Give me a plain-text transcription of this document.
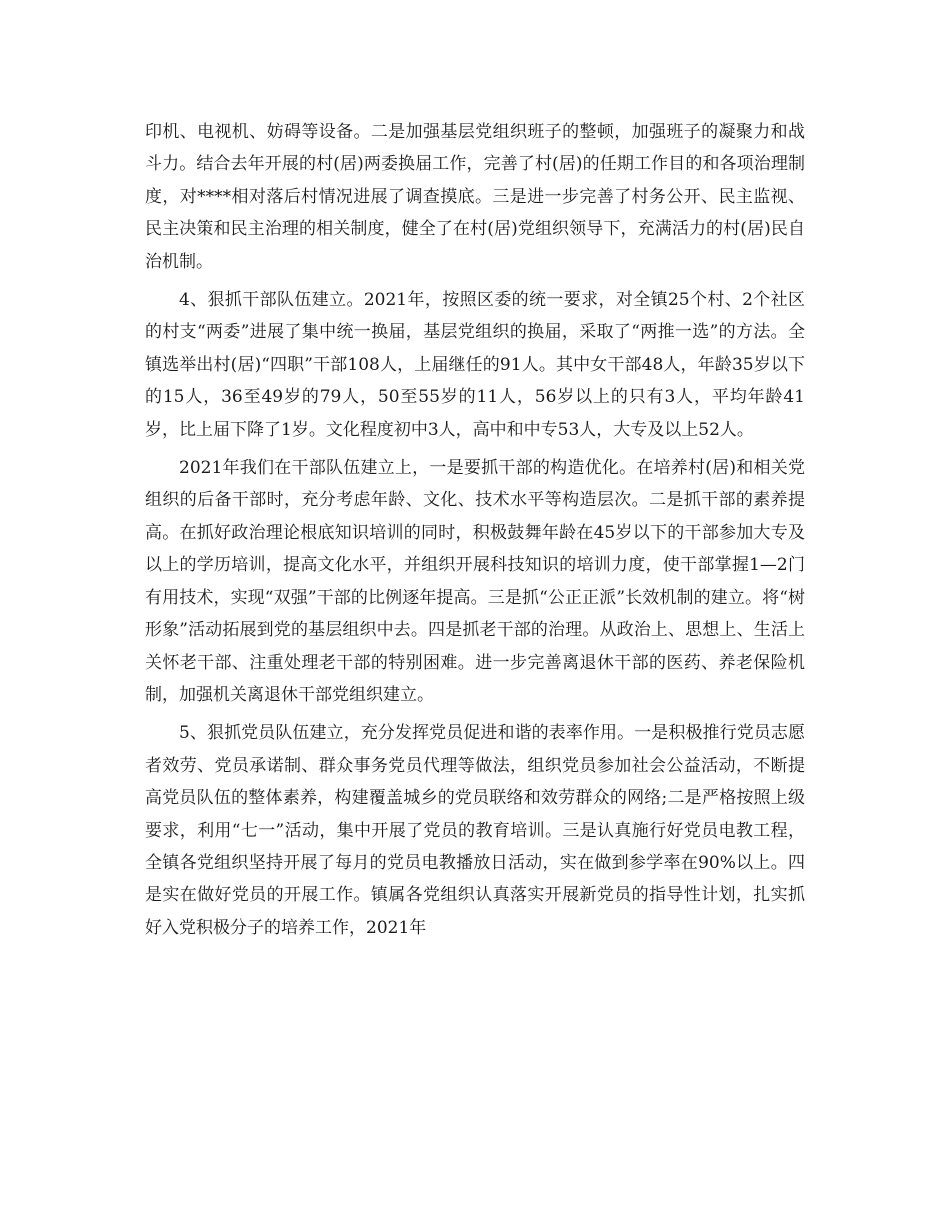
印机、电视机、妨碍等设备。二是加强基层党组织班子的整顿，加强班子的凝聚力和战斗力。结合去年开展的村(居)两委换届工作，完善了村(居)的任期工作目的和各项治理制度，对****相对落后村情况进展了调查摸底。三是进一步完善了村务公开、民主监视、民主决策和民主治理的相关制度，健全了在村(居)党组织领导下，充满活力的村(居)民自治机制。

4、狠抓干部队伍建立。2021年，按照区委的统一要求，对全镇25个村、2个社区的村支“两委”进展了集中统一换届，基层党组织的换届，采取了“两推一选”的方法。全镇选举出村(居)“四职”干部108人，上届继任的91人。其中女干部48人，年龄35岁以下的15人，36至49岁的79人，50至55岁的11人，56岁以上的只有3人，平均年龄41岁，比上届下降了1岁。文化程度初中3人，高中和中专53人，大专及以上52人。

2021年我们在干部队伍建立上，一是要抓干部的构造优化。在培养村(居)和相关党组织的后备干部时，充分考虑年龄、文化、技术水平等构造层次。二是抓干部的素养提高。在抓好政治理论根底知识培训的同时，积极鼓舞年龄在45岁以下的干部参加大专及以上的学历培训，提高文化水平，并组织开展科技知识的培训力度，使干部掌握1—2门有用技术，实现“双强”干部的比例逐年提高。三是抓“公正正派”长效机制的建立。将“树形象”活动拓展到党的基层组织中去。四是抓老干部的治理。从政治上、思想上、生活上关怀老干部、注重处理老干部的特别困难。进一步完善离退休干部的医药、养老保险机制，加强机关离退休干部党组织建立。

5、狠抓党员队伍建立，充分发挥党员促进和谐的表率作用。一是积极推行党员志愿者效劳、党员承诺制、群众事务党员代理等做法，组织党员参加社会公益活动，不断提高党员队伍的整体素养，构建覆盖城乡的党员联络和效劳群众的网络;二是严格按照上级要求，利用“七一”活动，集中开展了党员的教育培训。三是认真施行好党员电教工程，全镇各党组织坚持开展了每月的党员电教播放日活动，实在做到参学率在90%以上。四是实在做好党员的开展工作。镇属各党组织认真落实开展新党员的指导性计划，扎实抓好入党积极分子的培养工作，2021年
